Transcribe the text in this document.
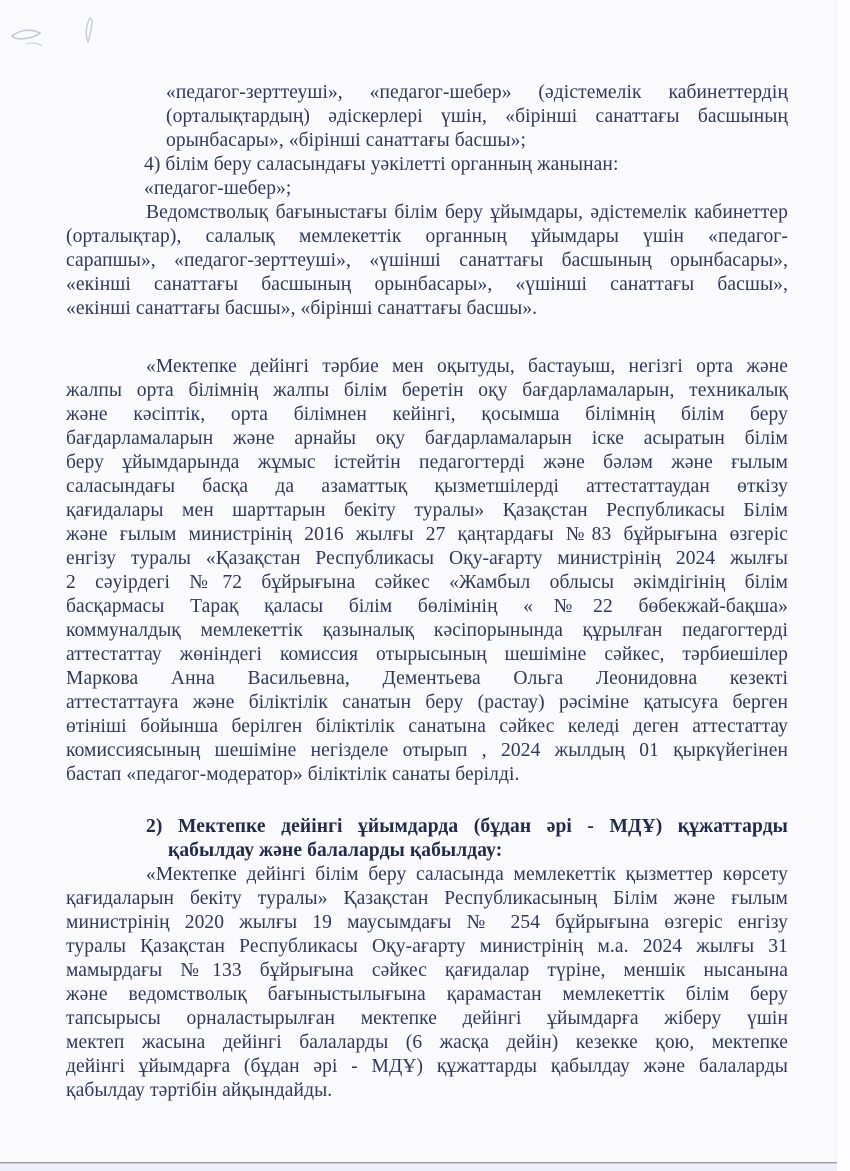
«педагог-зерттеуші», «педагог-шебер» (әдістемелік кабинеттердің
(орталықтардың) әдіскерлері үшін, «бірінші санаттағы басшының
орынбасары», «бірінші санаттағы басшы»;
4) білім беру саласындағы уәкілетті органның жанынан:
«педагог-шебер»;
Ведомстволық бағыныстағы білім беру ұйымдары, әдістемелік кабинеттер
(орталықтар), салалық мемлекеттік органның ұйымдары үшін «педагог-
сарапшы», «педагог-зерттеуші», «үшінші санаттағы басшының орынбасары»,
«екінші санаттағы басшының орынбасары», «үшінші санаттағы басшы»,
«екінші санаттағы басшы», «бірінші санаттағы басшы».
«Мектепке дейінгі тәрбие мен оқытуды, бастауыш, негізгі орта және
жалпы орта білімнің жалпы білім беретін оқу бағдарламаларын, техникалық
және кәсіптік, орта білімнен кейінгі, қосымша білімнің білім беру
бағдарламаларын және арнайы оқу бағдарламаларын іске асыратын білім
беру ұйымдарында жұмыс істейтін педагогтерді және бәләм және ғылым
саласындағы басқа да азаматтық қызметшілерді аттестаттаудан өткізу
қағидалары мен шарттарын бекіту туралы» Қазақстан Республикасы Білім
және ғылым министрінің 2016 жылғы 27 қаңтардағы №83 бұйрығына өзгеріс
енгізу туралы «Қазақстан Республикасы Оқу-ағарту министрінің 2024 жылғы
2 сәуірдегі №72 бұйрығына сәйкес «Жамбыл облысы әкімдігінің білім
басқармасы Тарақ қаласы білім бөлімінің «№22 бөбекжай-бақша»
коммуналдық мемлекеттік қазыналық кәсіпорынында құрылған педагогтерді
аттестаттау жөніндегі комиссия отырысының шешіміне сәйкес, тәрбиешілер
Маркова Анна Васильевна, Дементьева Ольга Леонидовна кезекті
аттестаттауға және біліктілік санатын беру (растау) рәсіміне қатысуға берген
өтініші бойынша берілген біліктілік санатына сәйкес келеді деген аттестаттау
комиссиясының шешіміне негізделе отырып , 2024 жылдың 01 қыркүйегінен
бастап «педагог-модератор» біліктілік санаты берілді.
2) Мектепке дейінгі ұйымдарда (бұдан әрі - МДҰ) құжаттарды
қабылдау және балаларды қабылдау:
«Мектепке дейінгі білім беру саласында мемлекеттік қызметтер көрсету
қағидаларын бекіту туралы» Қазақстан Республикасының Білім және ғылым
министрінің 2020 жылғы 19 маусымдағы № 254 бұйрығына өзгеріс енгізу
туралы Қазақстан Республикасы Оқу-ағарту министрінің м.а. 2024 жылғы 31
мамырдағы №133 бұйрығына сәйкес қағидалар түріне, меншік нысанына
және ведомстволық бағыныстылығына қарамастан мемлекеттік білім беру
тапсырысы орналастырылған мектепке дейінгі ұйымдарға жіберу үшін
мектеп жасына дейінгі балаларды (6 жасқа дейін) кезекке қою, мектепке
дейінгі ұйымдарға (бұдан әрі - МДҰ) құжаттарды қабылдау және балаларды
қабылдау тәртібін айқындайды.
